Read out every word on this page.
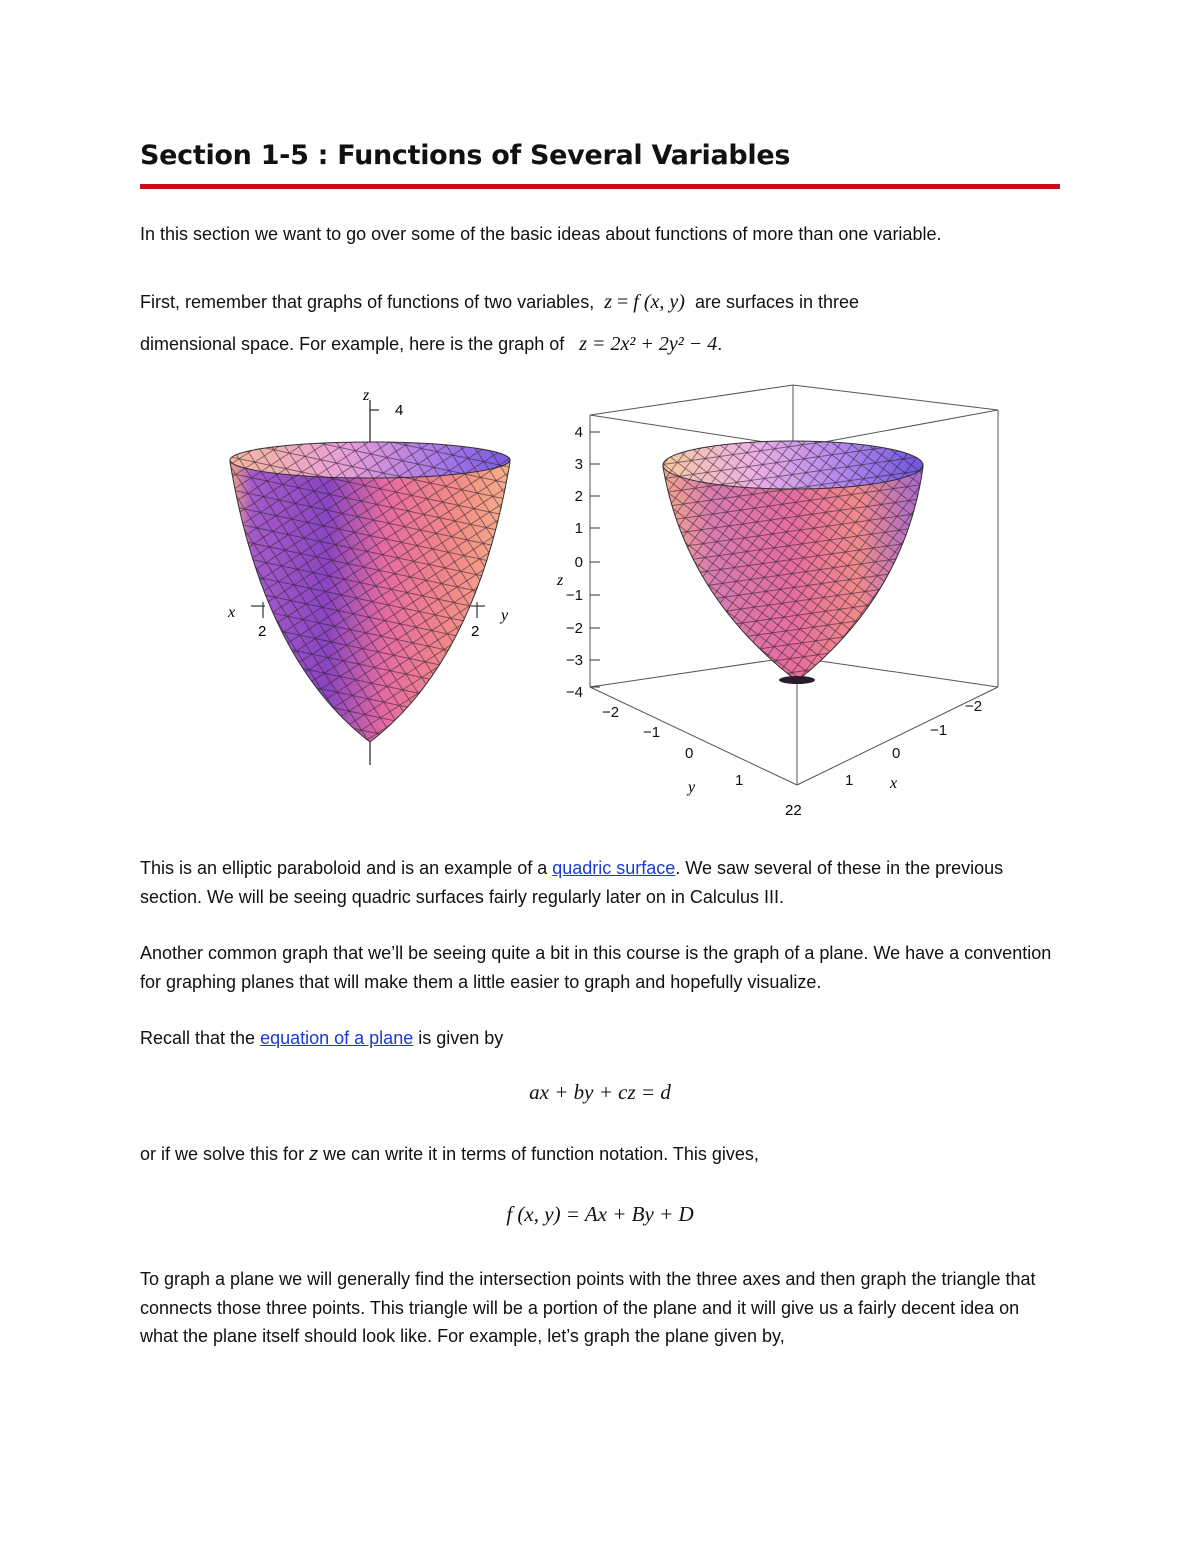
Section 1-5 : Functions of Several Variables

In this section we want to go over some of the basic ideas about functions of more than one variable.

First, remember that graphs of functions of two variables, z = f (x, y) are surfaces in three
dimensional space. For example, here is the graph of z = 2x² + 2y² − 4.

z
4
x
2
y
2
4
3
2
1
0
−1
−2
−3
−4
z
−2
−1
0
1
y
−2
−1
0
1 x
22

This is an elliptic paraboloid and is an example of a quadric surface. We saw several of these in the previous section. We will be seeing quadric surfaces fairly regularly later on in Calculus III.

Another common graph that we’ll be seeing quite a bit in this course is the graph of a plane. We have a convention for graphing planes that will make them a little easier to graph and hopefully visualize.

Recall that the equation of a plane is given by

ax + by + cz = d

or if we solve this for z we can write it in terms of function notation. This gives,

f (x, y) = Ax + By + D

To graph a plane we will generally find the intersection points with the three axes and then graph the triangle that connects those three points. This triangle will be a portion of the plane and it will give us a fairly decent idea on what the plane itself should look like. For example, let’s graph the plane given by,
